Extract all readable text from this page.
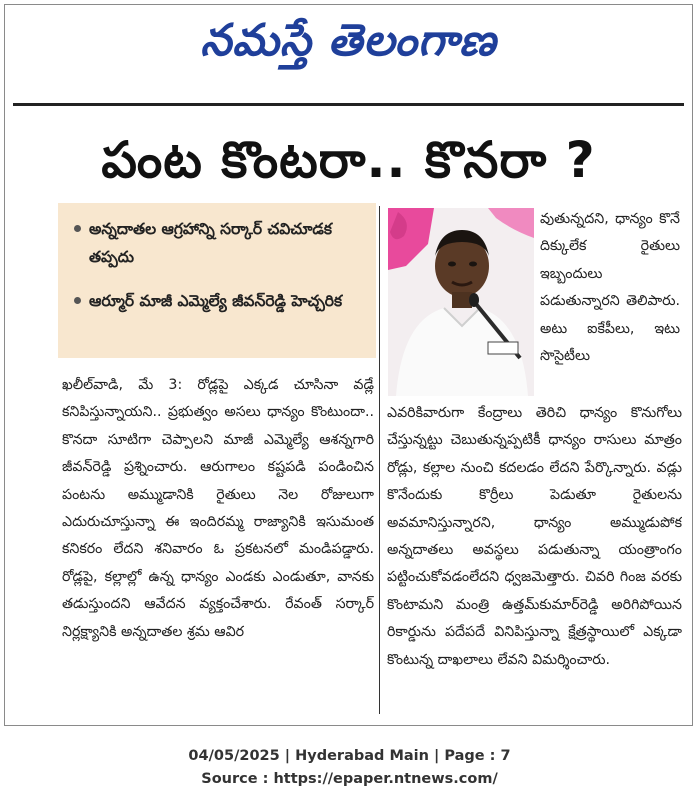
నమస్తే తెలంగాణ
పంట కొంటరా.. కొనరా ?
అన్నదాతల ఆగ్రహాన్ని సర్కార్ చవిచూడక తప్పదు
ఆర్మూర్ మాజీ ఎమ్మెల్యే జీవన్‌రెడ్డి హెచ్చరిక
ఖలీల్‌వాడి, మే 3: రోడ్లపై ఎక్కడ చూసినా వడ్లే కనిపిస్తున్నాయని.. ప్రభుత్వం అసలు ధాన్యం కొంటుందా.. కొనదా సూటిగా చెప్పాలని మాజీ ఎమ్మెల్యే ఆశన్నగారి జీవన్‌రెడ్డి ప్రశ్నించారు. ఆరుగాలం కష్టపడి పండించిన పంటను అమ్ముడానికి రైతులు నెల రోజులుగా ఎదురుచూస్తున్నా ఈ ఇందిరమ్మ రాజ్యానికి ఇసుమంత కనికరం లేదని శనివారం ఓ ప్రకటనలో మండిపడ్డారు. రోడ్లపై, కల్లాల్లో ఉన్న ధాన్యం ఎండకు ఎండుతూ, వానకు తడుస్తుందని ఆవేదన వ్యక్తంచేశారు. రేవంత్ సర్కార్ నిర్లక్ష్యానికి అన్నదాతల శ్రమ ఆవిర
వుతున్నదని, ధాన్యం కొనే దిక్కులేక రైతులు ఇబ్బందులు పడుతున్నారని తెలిపారు. అటు ఐకేపీలు, ఇటు సొసైటీలు
ఎవరికివారుగా కేంద్రాలు తెరిచి ధాన్యం కొనుగోలు చేస్తున్నట్టు చెబుతున్నప్పటికీ ధాన్యం రాసులు మాత్రం రోడ్లు, కల్లాల నుంచి కదలడం లేదని పేర్కొన్నారు. వడ్లు కొనేందుకు కొర్రీలు పెడుతూ రైతులను అవమానిస్తున్నారని, ధాన్యం అమ్ముడుపోక అన్నదాతలు అవస్థలు పడుతున్నా యంత్రాంగం పట్టించుకోవడంలేదని ధ్వజమెత్తారు. చివరి గింజ వరకు కొంటామని మంత్రి ఉత్తమ్‌కుమార్‌రెడ్డి అరిగిపోయిన రికార్డును పదేపదే వినిపిస్తున్నా క్షేత్రస్థాయిలో ఎక్కడా కొంటున్న దాఖలాలు లేవని విమర్శించారు.
04/05/2025 | Hyderabad Main | Page : 7
Source : https://epaper.ntnews.com/
